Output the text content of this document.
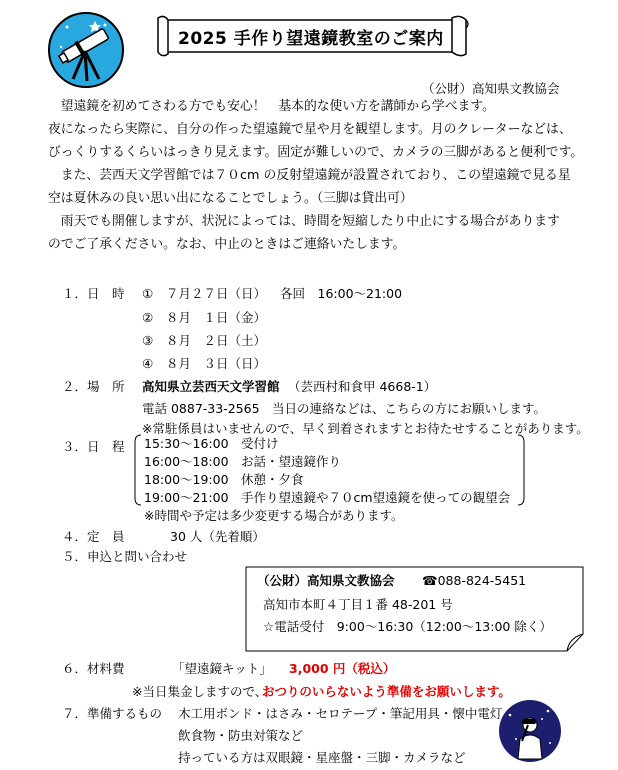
2025 手作り望遠鏡教室のご案内
（公財）高知県文教協会
　望遠鏡を初めてさわる方でも安心！　基本的な使い方を講師から学べます。
夜になったら実際に、自分の作った望遠鏡で星や月を観望します。月のクレーターなどは、
びっくりするくらいはっきり見えます。固定が難しいので、カメラの三脚があると便利です。
　また、芸西天文学習館では７０cm の反射望遠鏡が設置されており、この望遠鏡で見る星
空は夏休みの良い思い出になることでしょう。（三脚は貸出可）
　雨天でも開催しますが、状況によっては、時間を短縮したり中止にする場合があります
のでご了承ください。なお、中止のときはご連絡いたします。
１．日　時 ① ７月２７日（日） 各回　16:00～21:00
② ８月　１日（金）
③ ８月　２日（土）
④ ８月　３日（日）
２．場　所 高知県立芸西天文学習館 （芸西村和食甲 4668-1）
電話 0887-33-2565　当日の連絡などは、こちらの方にお願いします。
※常駐係員はいませんので、早く到着されますとお待たせすることがあります。
３．日　程 15:30～16:00　受付け
16:00～18:00　お話・望遠鏡作り
18:00～19:00　休憩・夕食
19:00～21:00　手作り望遠鏡や７０cm望遠鏡を使っての観望会
※時間や予定は多少変更する場合があります。
４．定　員	30 人（先着順）
５．申込と問い合わせ
（公財）高知県文教協会 ☎088-824-5451
高知市本町４丁目１番 48-201 号
☆電話受付　9:00～16:30（12:00～13:00 除く）
６．材料費	「望遠鏡キット」 3,000 円（税込）
※当日集金しますので、
おつりのいらないよう準備をお願いします。
７．準備するもの 木工用ボンド・はさみ・セロテープ・筆記用具・懐中電灯
飲食物・防虫対策など
持っている方は双眼鏡・星座盤・三脚・カメラなど
